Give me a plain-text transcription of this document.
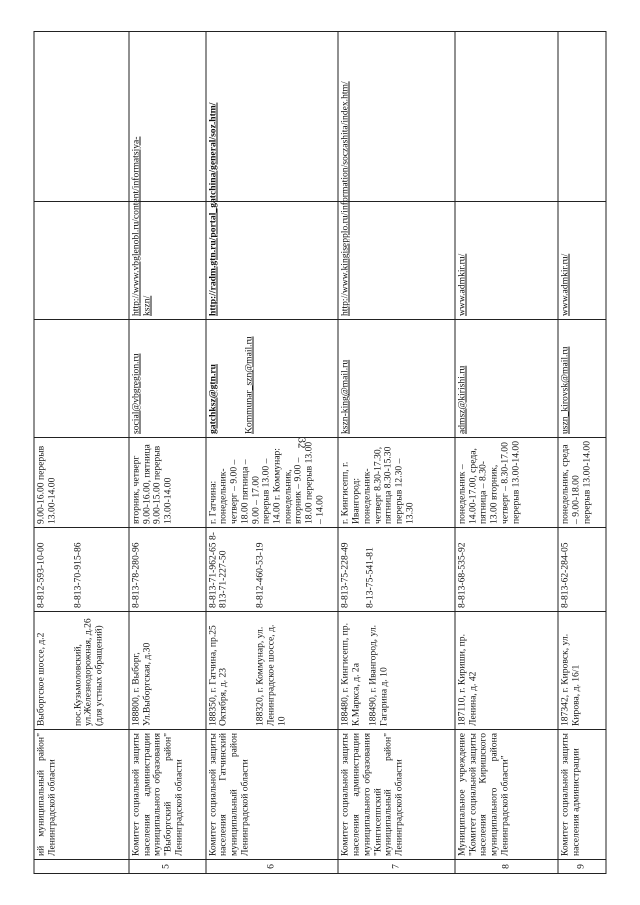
32
	ий муниципальный район" Ленинградской области	Выборгское шоссе, д.2 пос.Кузьмоловский, ул.Железнодорожная, д.26 (для устных обращений)	8-812-593-10-00 8-813-70-915-86	9.00-16.00 перерыв 13.00-14.00			
5	Комитет социальной защиты населения администрации муниципального образования "Выборгский район" Ленинградской области	188800, г. Выборг, Ул.Выборгская, д.30	8-813-78-280-96	вторник, четверг 9.00-16.00, пятница 9.00-15.00 перерыв 13.00-14.00	social@vbgregion.ru	http://www.vbglenobl.ru/content/informatsiya-kszn/	
6	Комитет социальной защиты населения Гатчинский муниципальный район Ленинградской области	188350, г. Гатчина, пр.25 Октября, д. 23 188320, г. Коммунар, ул. Ленинградское шоссе, д. 10	8-813-71-962-65 8-813-71-227-50 8-812-460-53-19	г. Гатчина: понедельник-четверг – 9.00 – 18.00 пятница – 9.00 – 17.00 перерыв 13.00 – 14.00 г. Коммунар: понедельник, вторник – 9.00 – 18.00 перерыв 13.00 – 14.00	gatchksz@gtn.ru Kommunar_szn@mail.ru	http://radm.gtn.ru/portal_gatchina/general/soz.htm/	
7	Комитет социальной защиты населения администрации муниципального образования "Кингисеппский муниципальный район" Ленинградской области	188480, г. Кингисепп, пр. К.Маркса, д. 2а 188490, г. Ивангород, ул. Гагарина д. 10	8-813-75-228-49 8-13-75-541-81	г. Кингисепп, г. Ивангород: понедельник-четверг 8.30-17.30, пятница 8.30-15.30 перерыв 12.30 –13.30	kszn-king@mail.ru	http://www.kingisepplo.ru/information/soczashita/index.htm/	
8	Муниципальное учреждение "Комитет социальной защиты населения Киришского муниципального района Ленинградской области"	187110, г. Кириши, пр. Ленина, д. 42	8-813-68-535-92	понедельник – 14.00-17.00, среда, пятница – 8.30-13.00 вторник, четверг – 8.30-17.00 перерыв 13.00-14.00	admsz@kirishi.ru	www.admkir.ru/	
9	Комитет социальной защиты населения администрации	187342, г. Кировск, ул. Кирова, д. 16/1	8-813-62-284-05	понедельник, среда – 9.00-18.00 перерыв 13.00-14.00	uszn_kirovsk@mail.ru	www.admkir.ru/	
